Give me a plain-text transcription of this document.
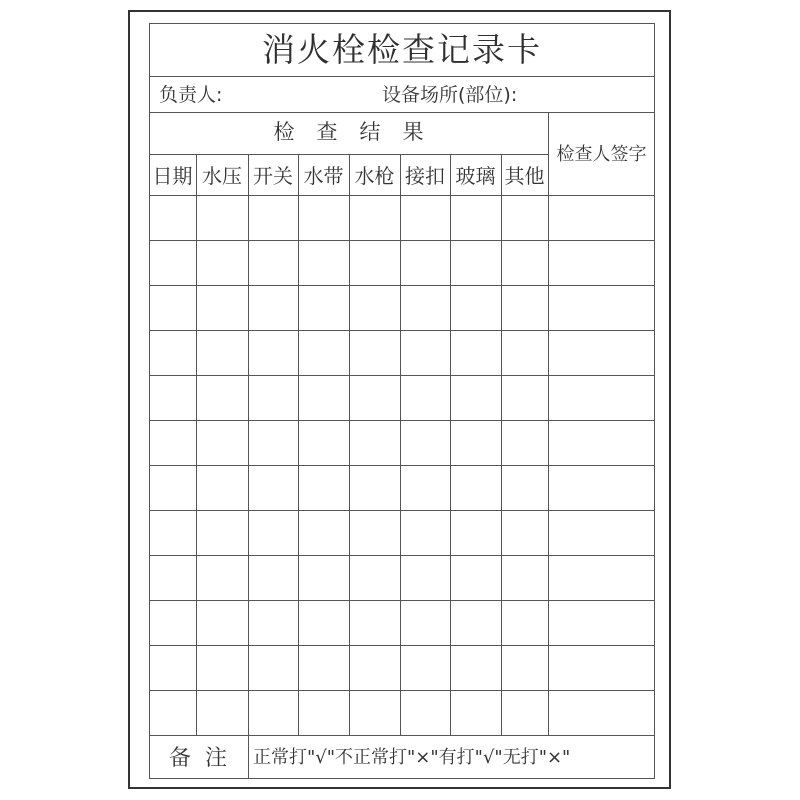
消火栓检查记录卡
负责人:	设备场所(部位):
检查结果
检查人签字
日期 水压 开关 水带 水枪 接扣 玻璃 其他
备注 正常打"√"不正常打"×"有打"√"无打"×"
